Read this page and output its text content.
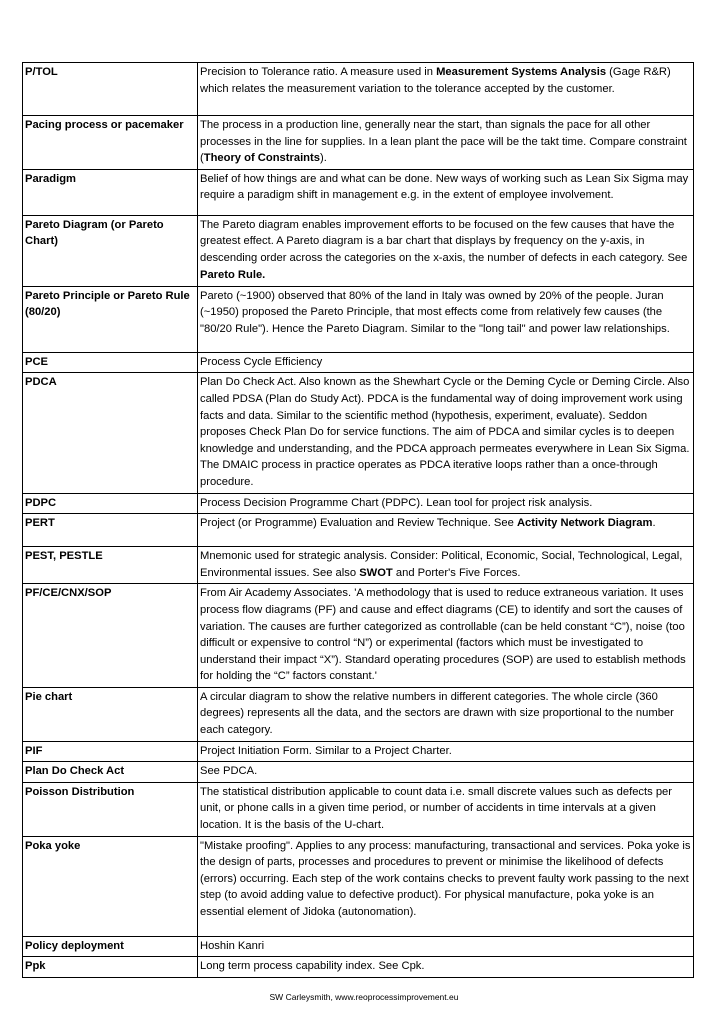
P/TOL	Precision to Tolerance ratio. A measure used in Measurement Systems Analysis (Gage R&R) which relates the measurement variation to the tolerance accepted by the customer.
Pacing process or pacemaker	The process in a production line, generally near the start, than signals the pace for all other processes in the line for supplies. In a lean plant the pace will be the takt time. Compare constraint (Theory of Constraints).
Paradigm	Belief of how things are and what can be done. New ways of working such as Lean Six Sigma may require a paradigm shift in management e.g. in the extent of employee involvement.
Pareto Diagram (or Pareto Chart)	The Pareto diagram enables improvement efforts to be focused on the few causes that have the greatest effect. A Pareto diagram is a bar chart that displays by frequency on the y-axis, in descending order across the categories on the x-axis, the number of defects in each category. See Pareto Rule.
Pareto Principle or Pareto Rule (80/20)	Pareto (~1900) observed that 80% of the land in Italy was owned by 20% of the people. Juran (~1950) proposed the Pareto Principle, that most effects come from relatively few causes (the "80/20 Rule"). Hence the Pareto Diagram. Similar to the "long tail" and power law relationships.
PCE	Process Cycle Efficiency
PDCA	Plan Do Check Act. Also known as the Shewhart Cycle or the Deming Cycle or Deming Circle. Also called PDSA (Plan do Study Act). PDCA is the fundamental way of doing improvement work using facts and data. Similar to the scientific method (hypothesis, experiment, evaluate). Seddon proposes Check Plan Do for service functions. The aim of PDCA and similar cycles is to deepen knowledge and understanding, and the PDCA approach permeates everywhere in Lean Six Sigma. The DMAIC process in practice operates as PDCA iterative loops rather than a once-through procedure.
PDPC	Process Decision Programme Chart (PDPC). Lean tool for project risk analysis.
PERT	Project (or Programme) Evaluation and Review Technique. See Activity Network Diagram.
PEST, PESTLE	Mnemonic used for strategic analysis. Consider: Political, Economic, Social, Technological, Legal, Environmental issues. See also SWOT and Porter's Five Forces.
PF/CE/CNX/SOP	From Air Academy Associates. 'A methodology that is used to reduce extraneous variation. It uses process flow diagrams (PF) and cause and effect diagrams (CE) to identify and sort the causes of variation. The causes are further categorized as controllable (can be held constant “C”), noise (too difficult or expensive to control “N”) or experimental (factors which must be investigated to understand their impact “X”). Standard operating procedures (SOP) are used to establish methods for holding the “C” factors constant.'
Pie chart	A circular diagram to show the relative numbers in different categories. The whole circle (360 degrees) represents all the data, and the sectors are drawn with size proportional to the number each category.
PIF	Project Initiation Form. Similar to a Project Charter.
Plan Do Check Act	See PDCA.
Poisson Distribution	The statistical distribution applicable to count data i.e. small discrete values such as defects per unit, or phone calls in a given time period, or number of accidents in time intervals at a given location. It is the basis of the U-chart.
Poka yoke	"Mistake proofing". Applies to any process: manufacturing, transactional and services. Poka yoke is the design of parts, processes and procedures to prevent or minimise the likelihood of defects (errors) occurring. Each step of the work contains checks to prevent faulty work passing to the next step (to avoid adding value to defective product). For physical manufacture, poka yoke is an essential element of Jidoka (autonomation).
Policy deployment	Hoshin Kanri
Ppk	Long term process capability index. See Cpk.
SW Carleysmith, www.reoprocessimprovement.eu
